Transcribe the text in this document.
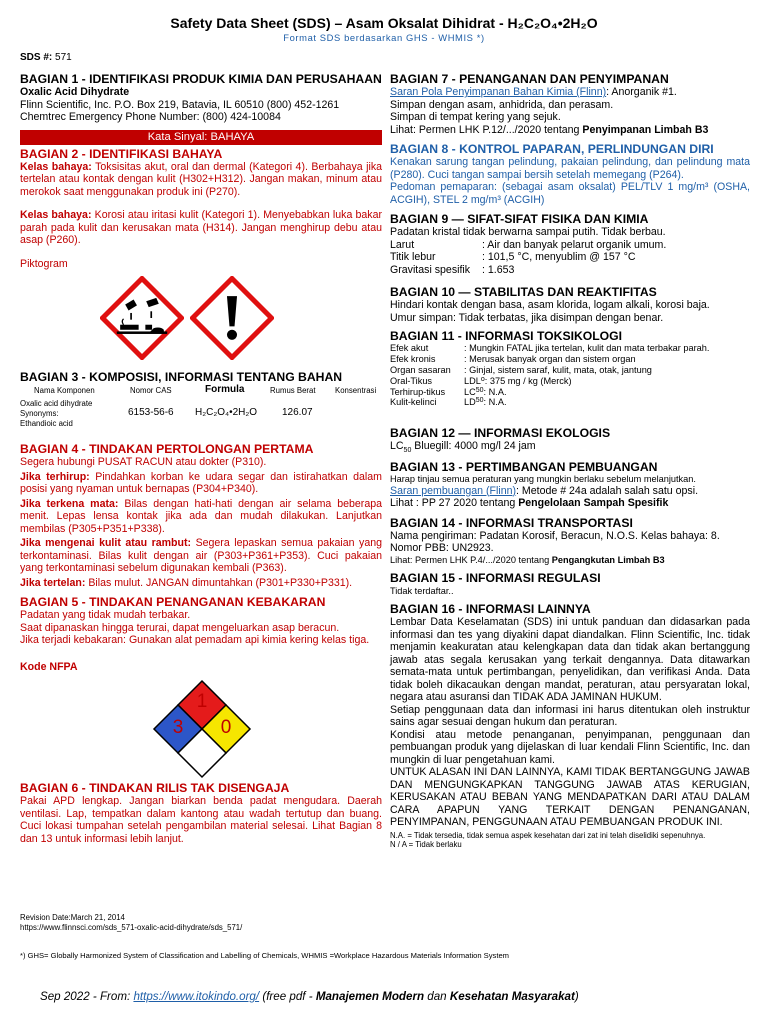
Safety Data Sheet (SDS) – Asam Oksalat Dihidrat - H₂C₂O₄•2H₂O
Format SDS berdasarkan GHS - WHMIS *)
SDS #: 571

BAGIAN 1 - IDENTIFIKASI PRODUK KIMIA DAN PERUSAHAAN

Oxalic Acid Dihydrate

Flinn Scientific, Inc. P.O. Box 219, Batavia, IL 60510 (800) 452-1261

Chemtrec Emergency Phone Number: (800) 424-10084

Kata Sinyal: BAHAYA

BAGIAN 2 - IDENTIFIKASI BAHAYA

Kelas bahaya: Toksisitas akut, oral dan dermal (Kategori 4). Berbahaya jika tertelan atau kontak dengan kulit (H302+H312). Jangan makan, minum atau merokok saat menggunakan produk ini (P270).

Kelas bahaya: Korosi atau iritasi kulit (Kategori 1). Menyebabkan luka bakar parah pada kulit dan kerusakan mata (H314). Jangan menghirup debu atau asap (P260).

Piktogram

BAGIAN 3 - KOMPOSISI, INFORMASI TENTANG BAHAN

Nama Komponen	Nomor CAS	Formula	Rumus Berat	Konsentrasi
Oxalic acid dihydrate
Synonyms:
Ethandioic acid
6153-56-6 H₂C₂O₄•2H₂O 126.07

BAGIAN 4 - TINDAKAN PERTOLONGAN PERTAMA

Segera hubungi PUSAT RACUN atau dokter (P310).

Jika terhirup: Pindahkan korban ke udara segar dan istirahatkan dalam posisi yang nyaman untuk bernapas (P304+P340).

Jika terkena mata: Bilas dengan hati-hati dengan air selama beberapa menit. Lepas lensa kontak jika ada dan mudah dilakukan. Lanjutkan membilas (P305+P351+P338).

Jika mengenai kulit atau rambut: Segera lepaskan semua pakaian yang terkontaminasi. Bilas kulit dengan air (P303+P361+P353). Cuci pakaian yang terkontaminasi sebelum digunakan kembali (P363).

Jika tertelan: Bilas mulut. JANGAN dimuntahkan (P301+P330+P331).

BAGIAN 5 - TINDAKAN PENANGANAN KEBAKARAN

Padatan yang tidak mudah terbakar.
Saat dipanaskan hingga terurai, dapat mengeluarkan asap beracun.
Jika terjadi kebakaran: Gunakan alat pemadam api kimia kering kelas tiga.

Kode NFPA

1
3 0

BAGIAN 6 - TINDAKAN RILIS TAK DISENGAJA

Pakai APD lengkap. Jangan biarkan benda padat mengudara. Daerah ventilasi. Lap, tempatkan dalam kantong atau wadah tertutup dan buang. Cuci lokasi tumpahan setelah pengambilan material selesai. Lihat Bagian 8 dan 13 untuk informasi lebih lanjut.

Revision Date:March 21, 2014
https://www.flinnsci.com/sds_571-oxalic-acid-dihydrate/sds_571/
*) GHS= Globally Harmonized System of Classification and Labelling of Chemicals, WHMIS =Workplace Hazardous Materials Information System
Sep 2022 - From: https://www.itokindo.org/ (free pdf - Manajemen Modern dan Kesehatan Masyarakat)

BAGIAN 7 - PENANGANAN DAN PENYIMPANAN

Saran Pola Penyimpanan Bahan Kimia (Flinn): Anorganik #1.

Simpan dengan asam, anhidrida, dan perasam.

Simpan di tempat kering yang sejuk.

Lihat: Permen LHK P.12/.../2020 tentang Penyimpanan Limbah B3

BAGIAN 8 - KONTROL PAPARAN, PERLINDUNGAN DIRI

Kenakan sarung tangan pelindung, pakaian pelindung, dan pelindung mata (P280). Cuci tangan sampai bersih setelah memegang (P264).

Pedoman pemaparan: (sebagai asam oksalat) PEL/TLV 1 mg/m³ (OSHA, ACGIH), STEL 2 mg/m³ (ACGIH)

BAGIAN 9 — SIFAT-SIFAT FISIKA DAN KIMIA

Padatan kristal tidak berwarna sampai putih. Tidak berbau.

Larut	: Air dan banyak pelarut organik umum.
Titik lebur	: 101,5 °C, menyublim @ 157 °C
Gravitasi spesifik	: 1.653

BAGIAN 10 — STABILITAS DAN REAKTIFITAS

Hindari kontak dengan basa, asam klorida, logam alkali, korosi baja.

Umur simpan: Tidak terbatas, jika disimpan dengan benar.

BAGIAN 11 - INFORMASI TOKSIKOLOGI

Efek akut	: Mungkin FATAL jika tertelan, kulit dan mata terbakar parah.
Efek kronis	: Merusak banyak organ dan sistem organ
Organ sasaran	: Ginjal, sistem saraf, kulit, mata, otak, jantung
Oral-Tikus	LDL o : 375 mg / kg (Merck)
Terhirup-tikus	LC 50 : N.A.
Kulit-kelinci	LD 50 : N.A.

BAGIAN 12 — INFORMASI EKOLOGIS

$LC_{50}$ Bluegill: 4000 mg/l 24 jam

BAGIAN 13 - PERTIMBANGAN PEMBUANGAN

Harap tinjau semua peraturan yang mungkin berlaku sebelum melanjutkan.

Saran pembuangan (Flinn): Metode # 24a adalah salah satu opsi.

Lihat : PP 27 2020 tentang Pengelolaan Sampah Spesifik

BAGIAN 14 - INFORMASI TRANSPORTASI

Nama pengiriman: Padatan Korosif, Beracun, N.O.S. Kelas bahaya: 8.

Nomor PBB: UN2923.

Lihat: Permen LHK P.4/.../2020 tentang Pengangkutan Limbah B3

BAGIAN 15 - INFORMASI REGULASI

Tidak terdaftar..

BAGIAN 16 - INFORMASI LAINNYA

Lembar Data Keselamatan (SDS) ini untuk panduan dan didasarkan pada informasi dan tes yang diyakini dapat diandalkan. Flinn Scientific, Inc. tidak menjamin keakuratan atau kelengkapan data dan tidak akan bertanggung jawab atas segala kerusakan yang terkait dengannya. Data ditawarkan semata-mata untuk pertimbangan, penyelidikan, dan verifikasi Anda. Data tidak boleh dikacaukan dengan mandat, peraturan, atau persyaratan lokal, negara atau asuransi dan TIDAK ADA JAMINAN HUKUM.

Setiap penggunaan data dan informasi ini harus ditentukan oleh instruktur sains agar sesuai dengan hukum dan peraturan.

Kondisi atau metode penanganan, penyimpanan, penggunaan dan pembuangan produk yang dijelaskan di luar kendali Flinn Scientific, Inc. dan mungkin di luar pengetahuan kami.

UNTUK ALASAN INI DAN LAINNYA, KAMI TIDAK BERTANGGUNG JAWAB DAN MENGUNGKAPKAN TANGGUNG JAWAB ATAS KERUGIAN, KERUSAKAN ATAU BEBAN YANG MENDAPATKAN DARI ATAU DALAM CARA APAPUN YANG TERKAIT DENGAN PENANGANAN, PENYIMPANAN, PENGGUNAAN ATAU PEMBUANGAN PRODUK INI.

N.A. = Tidak tersedia, tidak semua aspek kesehatan dari zat ini telah diselidiki sepenuhnya.

N / A = Tidak berlaku
